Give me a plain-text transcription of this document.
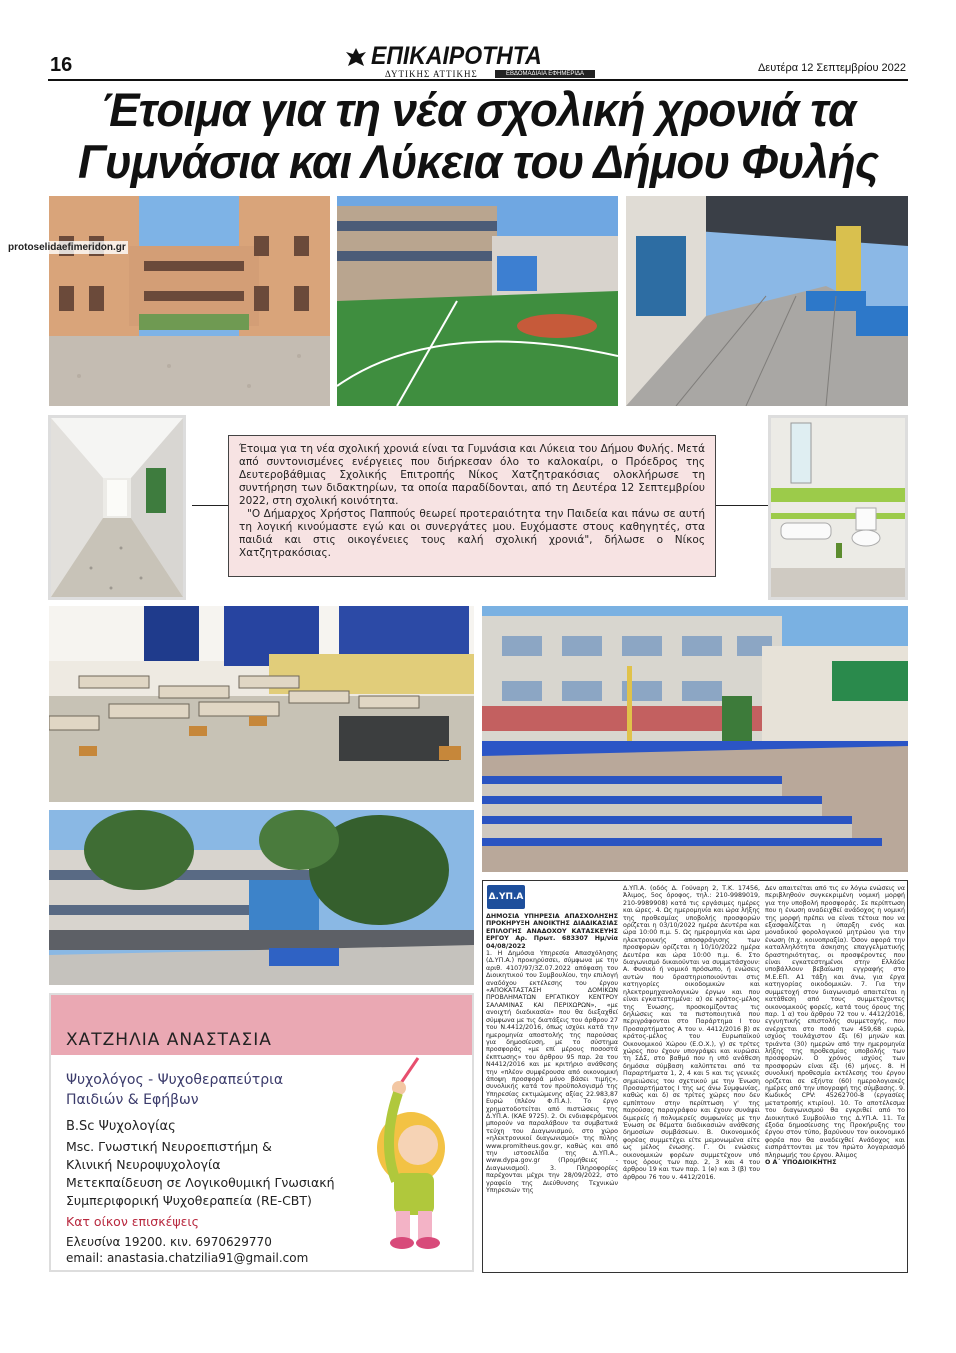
16	ΕΠΙΚΑΙΡΟΤΗΤΑ
ΔΥΤΙΚΗΣ ΑΤΤΙΚΗΣ	ΕΒΔΟΜΑΔΙΑΙΑ ΕΦΗΜΕΡΙΔΑ	Δευτέρα 12 Σεπτεμβρίου 2022
Έτοιμα για τη νέα σχολική χρονιά τα
Γυμνάσια και Λύκεια του Δήμου Φυλής
protoselidaefimeridon.gr

Έτοιμα για τη νέα σχολική χρονιά είναι τα Γυμνάσια και Λύκεια του Δήμου Φυλής. Μετά από συντονισμένες ενέργειες που διήρκεσαν όλο το καλοκαίρι, ο Πρόεδρος της Δευτεροβάθμιας Σχολικής Επιτροπής Νίκος Χατζητρακόσιας ολοκλήρωσε τη συντήρηση των διδακτηρίων, τα οποία παραδίδονται, από τη Δευτέρα 12 Σεπτεμβρίου 2022, στη σχολική κοινότητα.

"Ο Δήμαρχος Χρήστος Παππούς θεωρεί προτεραιότητα την Παιδεία και πάνω σε αυτή τη λογική κινούμαστε εγώ και οι συνεργάτες μου. Ευχόμαστε στους καθηγητές, στα παιδιά και στις οικογένειες τους καλή σχολική χρονιά", δήλωσε ο Νίκος Χατζητρακόσιας.

ΧΑΤΖΗΛΙΑ ΑΝΑΣΤΑΣΙΑ
Ψυχολόγος - Ψυχοθεραπεύτρια
Παιδιών & Εφήβων
B.Sc Ψυχολογίας
Msc. Γνωστική Νευροεπιστήμη &
Κλινική Νευροψυχολογία
Μετεκπαίδευση σε Λογικοθυμική Γνωσιακή
Συμπεριφορική Ψυχοθεραπεία (RE-CBT)
Κατ οίκον επισκέψεις
Ελευσίνα 19200. κιν. 6970629770
email: anastasia.chatzilia91@gmail.com
Δ.ΥΠ.Α

ΔΗΜΟΣΙΑ ΥΠΗΡΕΣΙΑ ΑΠΑΣΧΟΛΗΣΗΣ ΠΡΟΚΗΡΥΞΗ ΑΝΟΙΚΤΗΣ ΔΙΑΔΙΚΑΣΙΑΣ ΕΠΙΛΟΓΗΣ ΑΝΑΔΟΧΟΥ ΚΑΤΑΣΚΕΥΗΣ ΕΡΓΟΥ Αρ. Πρωτ. 683307 Ημ/νία 04/08/2022

1. Η Δημόσια Υπηρεσία Απασχόλησης (Δ.ΥΠ.Α.) προκηρύσσει, σύμφωνα με την αριθ. 4107/97/3Ζ.07.2022 απόφαση του Διοικητικού του Συμβουλίου, την επιλογή αναδόχου εκτέλεσης του έργου «ΑΠΟΚΑΤΑΣΤΑΣΗ ΔΟΜΙΚΩΝ ΠΡΟΒΛΗΜΑΤΩΝ ΕΡΓΑΤΙΚΟΥ ΚΕΝΤΡΟΥ ΣΑΛΑΜΙΝΑΣ ΚΑΙ ΠΕΡΙΧΩΡΩΝ», «με ανοιχτή διαδικασία» που θα διεξαχθεί σύμφωνα με τις διατάξεις του άρθρου 27 του Ν.4412/2016, όπως ισχύει κατά την ημερομηνία αποστολής της παρούσας για δημοσίευση, με το σύστημα προσφοράς «με επί μέρους ποσοστά έκπτωσης» του άρθρου 95 παρ. 2α του Ν4412/2016 και με κριτήριο ανάθεσης την «πλέον συμφέρουσα από οικονομική άποψη προσφορά μόνο βάσει τιμής», συνολικής κατά τον προϋπολογισμό της Υπηρεσίας εκτιμώμενης αξίας 22.983,87 Ευρώ (πλέον Φ.Π.Α.). Το έργο χρηματοδοτείται από πιστώσεις της Δ.ΥΠ.Α. (ΚΑΕ 9725). 2. Οι ενδιαφερόμενοι μπορούν να παραλάβουν τα συμβατικά τεύχη του Διαγωνισμού, στο χώρο «ηλεκτρονικοί διαγωνισμοί» της πύλης www.promitheus.gov.gr, καθώς και από την ιστοσελίδα της Δ.ΥΠ.Α., www.dypa.gov.gr (Προμήθειες - Διαγωνισμοί). 3. Πληροφορίες παρέχονται μέχρι την 28/09/2022, στο γραφείο της Διεύθυνσης Τεχνικών Υπηρεσιών της

Δ.ΥΠ.Α. (οδός Δ. Γούναρη 2, Τ.Κ. 17456, Άλιμος, 5ος όροφος, τηλ.: 210-9989019, 210-9989908) κατά τις εργάσιμες ημέρες και ώρες. 4. Ως ημερομηνία και ώρα λήξης της προθεσμίας υποβολής προσφορών ορίζεται η 03/10/2022 ημέρα Δευτέρα και ώρα 10:00 π.μ. 5. Ως ημερομηνία και ώρα ηλεκτρονικής αποσφράγισης των προσφορών ορίζεται η 10/10/2022 ημέρα Δευτέρα και ώρα 10:00 π.μ. 6. Στο διαγωνισμό δικαιούνται να συμμετάσχουν: Α. Φυσικό ή νομικό πρόσωπο, ή ενώσεις αυτών που δραστηριοποιούνται στις κατηγορίες οικοδομικών και ηλεκτρομηχανολογικών έργων και που είναι εγκατεστημένα: α) σε κράτος-μέλος της Ένωσης, προσκομίζοντας τις δηλώσεις και τα πιστοποιητικά που περιγράφονται στο Παράρτημα Ι του Προσαρτήματος Α του ν. 4412/2016 β) σε κράτος-μέλος του Ευρωπαϊκού Οικονομικού Χώρου (Ε.Ο.Χ.), γ) σε τρίτες χώρες που έχουν υπογράψει και κυρώσει τη ΣΔΣ, στο βαθμό που η υπό ανάθεση δημόσια σύμβαση καλύπτεται από τα Παραρτήματα 1, 2, 4 και 5 και τις γενικές σημειώσεις του σχετικού με την Ένωση Προσαρτήματος Ι της ως άνω Συμφωνίας, καθώς και δ) σε τρίτες χώρες που δεν εμπίπτουν στην περίπτωση γ' της παρούσας παραγράφου και έχουν συνάψει διμερείς ή πολυμερείς συμφωνίες με την Ένωση σε θέματα διαδικασιών ανάθεσης δημοσίων συμβάσεων. Β. Οικονομικός φορέας συμμετέχει είτε μεμονωμένα είτε ως μέλος ένωσης. Γ. Οι ενώσεις οικονομικών φορέων συμμετέχουν υπό τους όρους των παρ. 2, 3 και 4 του άρθρου 19 και των παρ. 1 (e) και 3 (β) του άρθρου 76 του ν. 4412/2016.

Δεν απαιτείται από τις εν λόγω ενώσεις να περιβληθούν συγκεκριμένη νομική μορφή για την υποβολή προσφοράς. Σε περίπτωση που η ένωση αναδειχθεί ανάδοχος η νομική της μορφή πρέπει να είναι τέτοια που να εξασφαλίζεται η ύπαρξη ενός και μοναδικού φορολογικού μητρώου για την ένωση (π.χ. κοινοπραξία). Όσον αφορά την καταλληλότητα άσκησης επαγγελματικής δραστηριότητας, οι προσφέροντες που είναι εγκατεστημένοι στην Ελλάδα υποβάλλουν βεβαίωση εγγραφής στο Μ.Ε.ΕΠ. Α1 τάξη και άνω, για έργα κατηγορίας οικοδομικών. 7. Για την συμμετοχή στον διαγωνισμό απαιτείται η κατάθεση από τους συμμετέχοντες οικονομικούς φορείς, κατά τους όρους της παρ. 1 α) του άρθρου 72 του ν. 4412/2016, εγγυητικής επιστολής συμμετοχής, που ανέρχεται στο ποσό των 459,68 ευρώ, ισχύος τουλάχιστον έξι (6) μηνών και τριάντα (30) ημερών από την ημερομηνία λήξης της προθεσμίας υποβολής των προσφορών. Ο χρόνος ισχύος των προσφορών είναι έξι (6) μήνες. 8. Η συνολική προθεσμία εκτέλεσης του έργου ορίζεται σε εξήντα (60) ημερολογιακές ημέρες από την υπογραφή της σύμβασης. 9. Κωδικός CPV: 45262700-8 (εργασίες μετατροπής κτιρίου). 10. Το αποτέλεσμα του διαγωνισμού θα εγκριθεί από το Διοικητικό Συμβούλιο της Δ.ΥΠ.Α. 11. Τα έξοδα δημοσίευσης της Προκήρυξης του έργου στον τύπο, βαρύνουν τον οικονομικό φορέα που θα αναδειχθεί Ανάδοχος και εισπράττονται με τον πρώτο λογαριασμό πληρωμής του έργου. Άλιμος

Ο Α΄ ΥΠΟΔΙΟΙΚΗΤΗΣ
